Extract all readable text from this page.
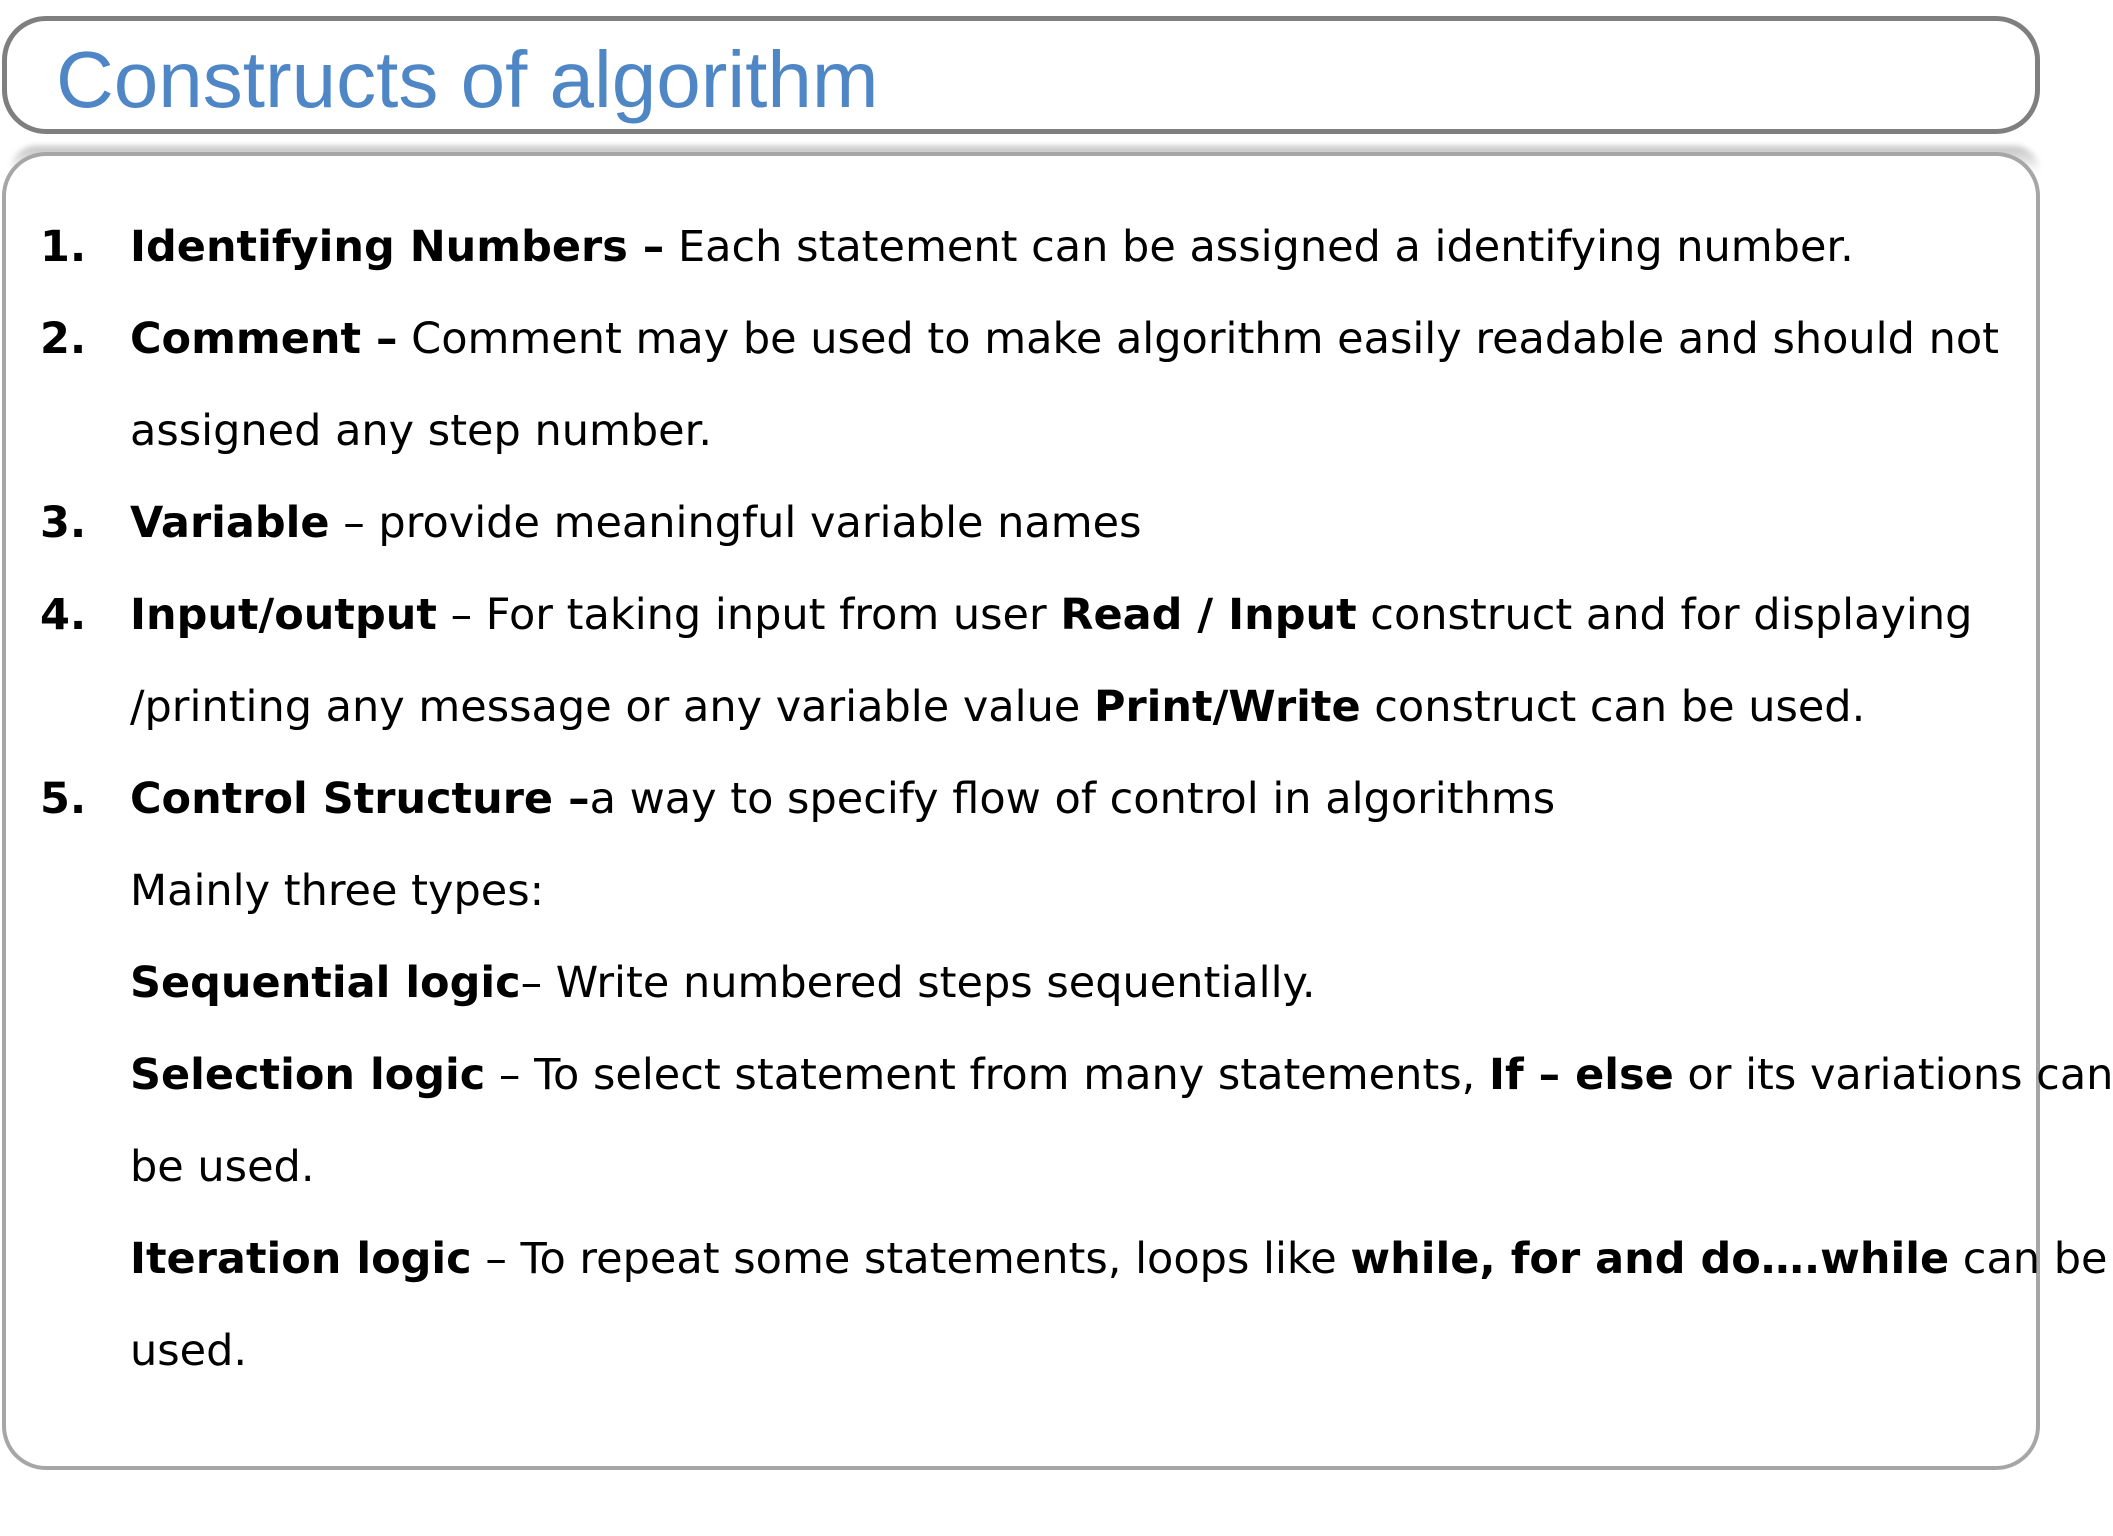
Constructs of algorithm
1. Identifying Numbers – Each statement can be assigned a identifying number.
2. Comment – Comment may be used to make algorithm easily readable and should not
assigned any step number.
3. Variable – provide meaningful variable names
4. Input/output – For taking input from user Read / Input construct and for displaying
/printing any message or any variable value Print/Write construct can be used.
5. Control Structure –a way to specify flow of control in algorithms
Mainly three types:
Sequential logic– Write numbered steps sequentially.
Selection logic – To select statement from many statements, If – else or its variations can
be used.
Iteration logic – To repeat some statements, loops like while, for and do….while can be
used.
